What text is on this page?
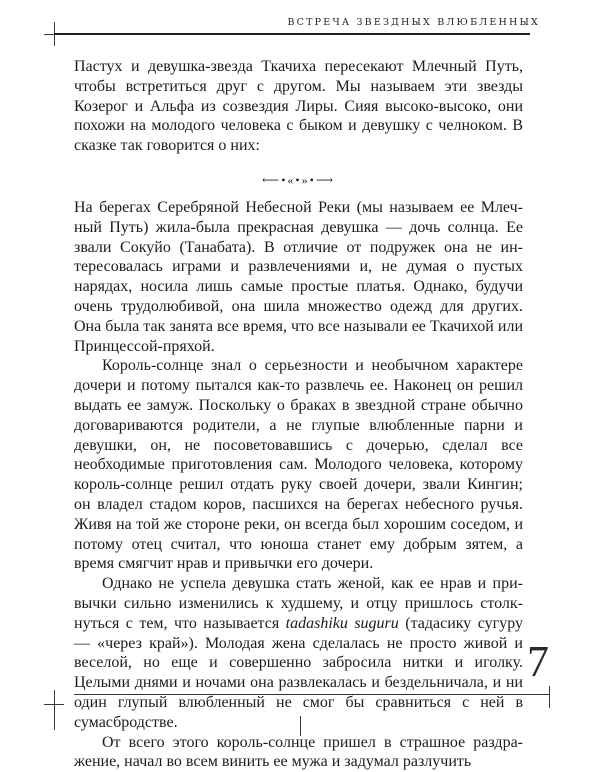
ВСТРЕЧА ЗВЕЗДНЫХ ВЛЮБЛЕННЫХ

Пастух и девушка-звезда Ткачиха пересекают Млечный Путь, чтобы встретиться друг с другом. Мы называем эти звезды Козерог и Альфа из созвездия Лиры. Сияя высоко-высоко, они похожи на молодого человека с быком и девушку с челноком. В сказке так говорится о них:

⟵•«•»•⟶

На берегах Серебряной Небесной Реки (мы называем ее Млечный Путь) жила-была прекрасная девушка — дочь солнца. Ее звали Сокуйо (Танабата). В отличие от подружек она не интересовалась играми и развлечениями и, не думая о пустых нарядах, носила лишь самые простые платья. Однако, будучи очень трудолюбивой, она шила множество одежд для других. Она была так занята все время, что все называли ее Ткачихой или Принцессой-пряхой.

Король-солнце знал о серьезности и необычном характере дочери и потому пытался как-то развлечь ее. Наконец он решил выдать ее замуж. Поскольку о браках в звездной стране обычно договариваются родители, а не глупые влюбленные парни и девушки, он, не посоветовавшись с дочерью, сделал все необходимые приготовления сам. Молодого человека, которому король-солнце решил отдать руку своей дочери, звали Кингин; он владел стадом коров, пасшихся на берегах небесного ручья. Живя на той же стороне реки, он всегда был хорошим соседом, и потому отец считал, что юноша станет ему добрым зятем, а время смягчит нрав и привычки его дочери.

Однако не успела девушка стать женой, как ее нрав и привычки сильно изменились к худшему, и отцу пришлось столкнуться с тем, что называется tadashiku suguru (тадасику сугуру — «через край»). Молодая жена сделалась не просто живой и веселой, но еще и совершенно забросила нитки и иголку. Целыми днями и ночами она развлекалась и бездельничала, и ни один глупый влюбленный не смог бы сравниться с ней в сумасбродстве.

От всего этого король-солнце пришел в страшное раздражение, начал во всем винить ее мужа и задумал разлучить

7
